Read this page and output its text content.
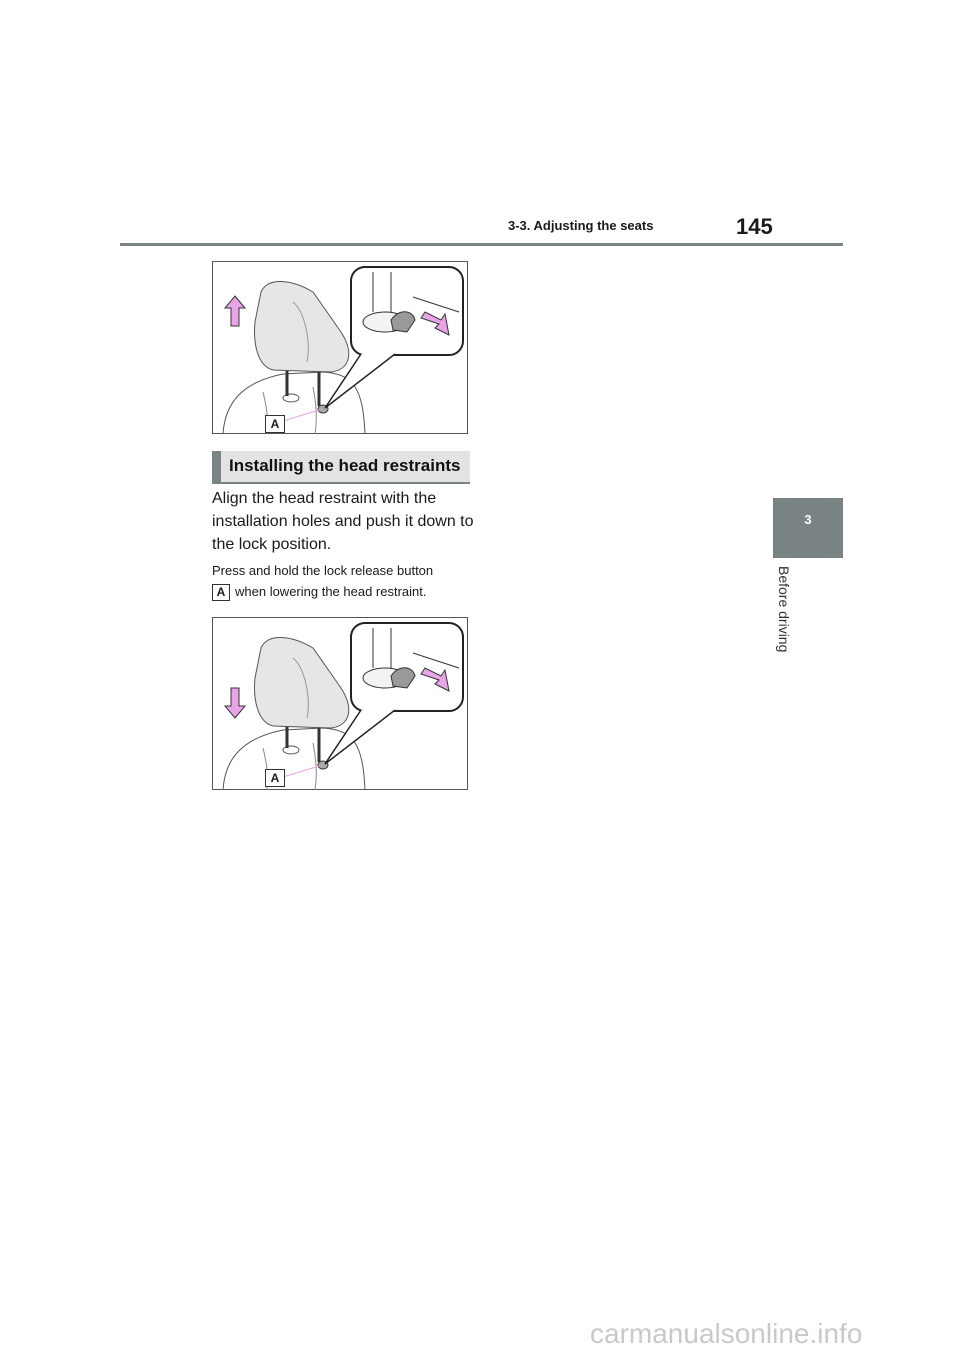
3-3. Adjusting the seats	145
3
Before driving
A
Installing the head restraints
Align the head restraint with the installation holes and push it down to the lock position.
Press and hold the lock release button
A when lowering the head restraint.
A
carmanualsonline.info
